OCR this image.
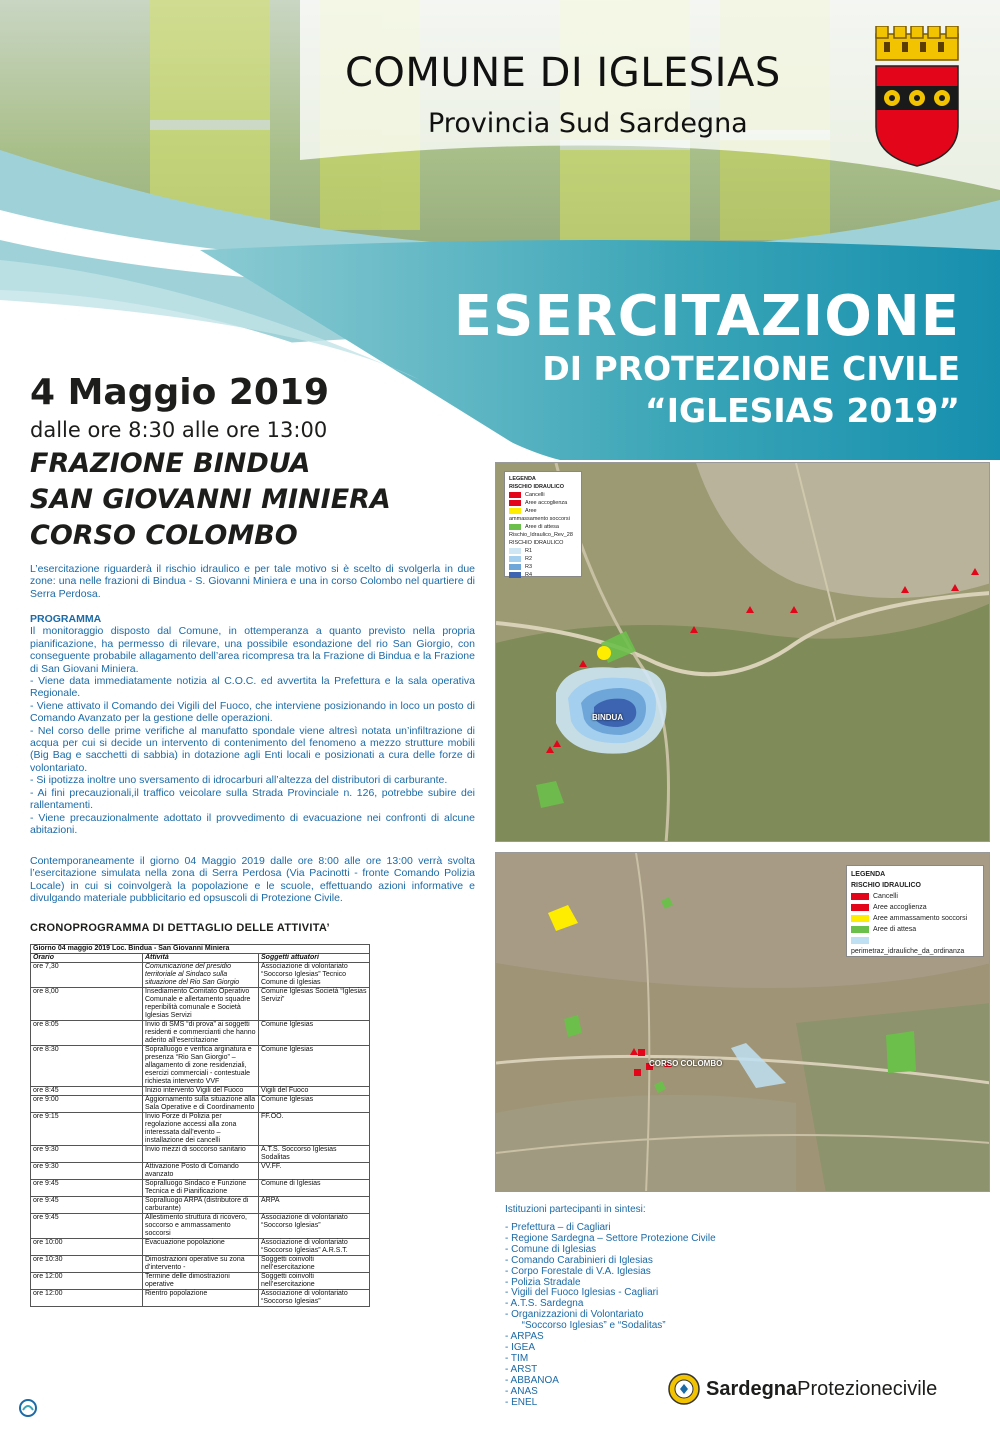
COMUNE DI IGLESIAS
Provincia Sud Sardegna
ESERCITAZIONE
DI PROTEZIONE CIVILE
“IGLESIAS 2019”
4 Maggio 2019
dalle ore 8:30 alle ore 13:00
FRAZIONE BINDUA
SAN GIOVANNI MINIERA
CORSO COLOMBO
L’esercitazione riguarderà il rischio idraulico e per tale motivo si è scelto di svolgerla in due zone: una nelle frazioni di Bindua - S. Giovanni Miniera e una in corso Colombo nel quartiere di Serra Perdosa.
PROGRAMMA

Il monitoraggio disposto dal Comune, in ottemperanza a quanto previsto nella propria pianificazione, ha permesso di rilevare, una possibile esondazione del rio San Giorgio, con conseguente probabile allagamento dell’area ricompresa tra la Frazione di Bindua e la Frazione di San Giovani Miniera.

- Viene data immediatamente notizia al C.O.C. ed avvertita la Prefettura e la sala operativa Regionale.

- Viene attivato il Comando dei Vigili del Fuoco, che interviene posizionando in loco un posto di Comando Avanzato per la gestione delle operazioni.

- Nel corso delle prime verifiche al manufatto spondale viene altresì notata un’infiltrazione di acqua per cui si decide un intervento di contenimento del fenomeno a mezzo strutture mobili (Big Bag e sacchetti di sabbia) in dotazione agli Enti locali e posizionati a cura delle forze di volontariato.

- Si ipotizza inoltre uno sversamento di idrocarburi all’altezza del distributori di carburante.

- Ai fini precauzionali,il traffico veicolare sulla Strada Provinciale n. 126, potrebbe subire dei rallentamenti.

- Viene precauzionalmente adottato il provvedimento di evacuazione nei confronti di alcune abitazioni.

Contemporaneamente il giorno 04 Maggio 2019 dalle ore 8:00 alle ore 13:00 verrà svolta l’esercitazione simulata nella zona di Serra Perdosa (Via Pacinotti - fronte Comando Polizia Locale) in cui si coinvolgerà la popolazione e le scuole, effettuando azioni informative e divulgando materiale pubblicitario ed opsuscoli di Protezione Civile.
CRONOPROGRAMMA DI DETTAGLIO DELLE ATTIVITA’
Giorno 04 maggio 2019 Loc. Bindua - San Giovanni Miniera		
Orario	Attività	Soggetti attuatori
ore 7,30	Comunicazione del presidio territoriale al Sindaco sulla situazione del Rio San Giorgio	Associazione di volontariato “Soccorso Iglesias” Tecnico Comune di Iglesias
ore 8,00	Insediamento Comitato Operativo Comunale e allertamento squadre reperibilità comunale e Società Iglesias Servizi	Comune Iglesias Società “Iglesias Servizi”
ore 8:05	Invio di SMS “di prova” ai soggetti residenti e commercianti che hanno aderito all’esercitazione	Comune Iglesias
ore 8:30	Sopralluogo e verifica arginatura e presenza “Rio San Giorgio” – allagamento di zone residenziali, esercizi commerciali - contestuale richiesta intervento VVF	Comune Iglesias
ore 8:45	Inizio intervento Vigili del Fuoco	Vigili del Fuoco
ore 9:00	Aggiornamento sulla situazione alla Sala Operative e di Coordinamento	Comune Iglesias
ore 9:15	Invio Forze di Polizia per regolazione accessi alla zona interessata dall’evento – installazione dei cancelli	FF.OO.
ore 9:30	Invio mezzi di soccorso sanitario	A.T.S. Soccorso Iglesias Sodalitas
ore 9:30	Attivazione Posto di Comando avanzato	VV.FF.
ore 9:45	Sopralluogo Sindaco e Funzione Tecnica e di Pianificazione	Comune di Iglesias
ore 9:45	Sopralluogo ARPA (distributore di carburante)	ARPA
ore 9:45	Allestimento struttura di ricovero, soccorso e ammassamento soccorsi	Associazione di volontariato “Soccorso Iglesias”
ore 10:00	Evacuazione popolazione	Associazione di volontariato “Soccorso Iglesias” A.R.S.T.
ore 10:30	Dimostrazioni operative su zona d’intervento -	Soggetti coinvolti nell’esercitazione
ore 12:00	Termine delle dimostrazioni operative	Soggetti coinvolti nell’esercitazione
ore 12:00	Rientro popolazione	Associazione di volontariato “Soccorso Iglesias”
LEGENDA
RISCHIO IDRAULICO
Cancelli
Aree accoglienza
Aree ammassamento soccorsi
Aree di attesa
Rischio_Idraulico_Rev_28
RISCHIO IDRAULICO
R1
R2
R3
R4
BINDUA
LEGENDA
RISCHIO IDRAULICO
Cancelli
Aree accoglienza
Aree ammassamento soccorsi
Aree di attesa
perimetraz_idrauliche_da_ordinanza
CORSO COLOMBO
Istituzioni partecipanti in sintesi:
- Prefettura – di Cagliari
- Regione Sardegna – Settore Protezione Civile
- Comune di Iglesias
- Comando Carabinieri di Iglesias
- Corpo Forestale di V.A. Iglesias
- Polizia Stradale
- Vigili del Fuoco Iglesias - Cagliari
- A.T.S. Sardegna
- Organizzazioni di Volontariato
“Soccorso Iglesias” e “Sodalitas”
- ARPAS
- IGEA
- TIM
- ARST
- ABBANOA
- ANAS
- ENEL
SardegnaProtezionecivile
